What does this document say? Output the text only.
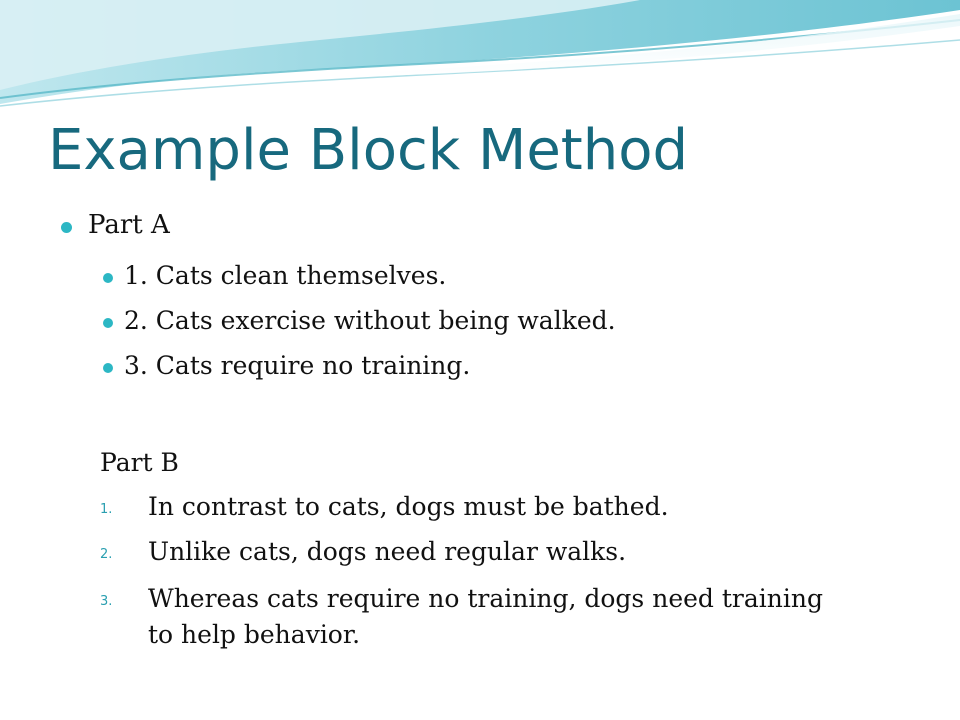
Example Block Method
Part A
1. Cats clean themselves.
2. Cats exercise without being walked.
3. Cats require no training.
Part B
1. In contrast to cats, dogs must be bathed.
2. Unlike cats, dogs need regular walks.
3. Whereas cats require no training, dogs need training
to help behavior.
